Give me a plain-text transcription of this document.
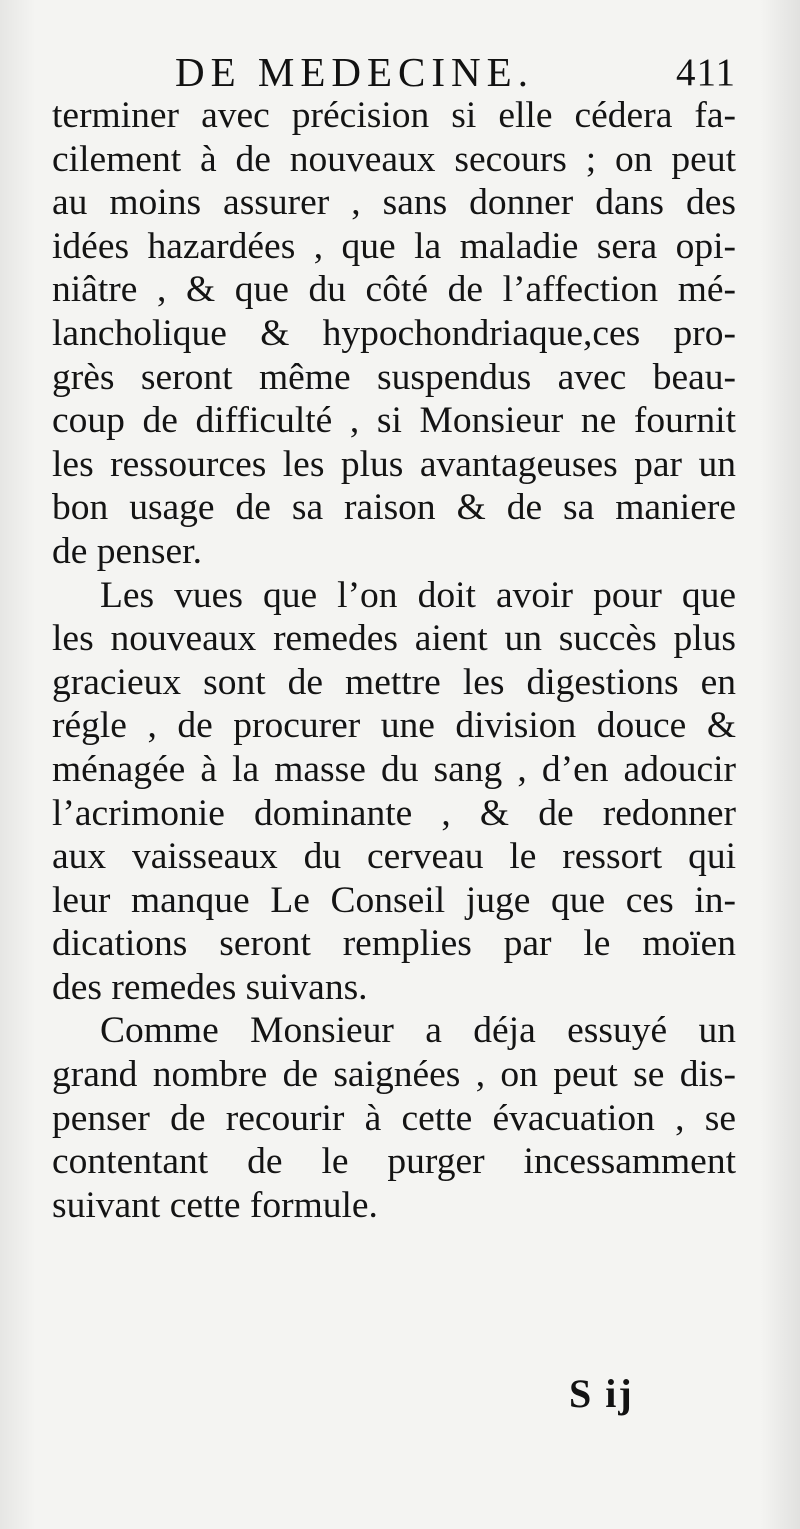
DE MEDECINE.	411
terminer avec précision si elle cédera fa-
cilement à de nouveaux secours ; on peut
au moins assurer , sans donner dans des
idées hazardées , que la maladie sera opi-
niâtre , & que du côté de l’affection mé-
lancholique & hypochondriaque,ces pro-
grès seront même suspendus avec beau-
coup de difficulté , si Monsieur ne fournit
les ressources les plus avantageuses par un
bon usage de sa raison & de sa maniere
de penser.
Les vues que l’on doit avoir pour que
les nouveaux remedes aient un succès plus
gracieux sont de mettre les digestions en
régle , de procurer une division douce &
ménagée à la masse du sang , d’en adoucir
l’acrimonie dominante , & de redonner
aux vaisseaux du cerveau le ressort qui
leur manque Le Conseil juge que ces in-
dications seront remplies par le moïen
des remedes suivans.
Comme Monsieur a déja essuyé un
grand nombre de saignées , on peut se dis-
penser de recourir à cette évacuation , se
contentant de le purger incessamment
suivant cette formule.
S ij
